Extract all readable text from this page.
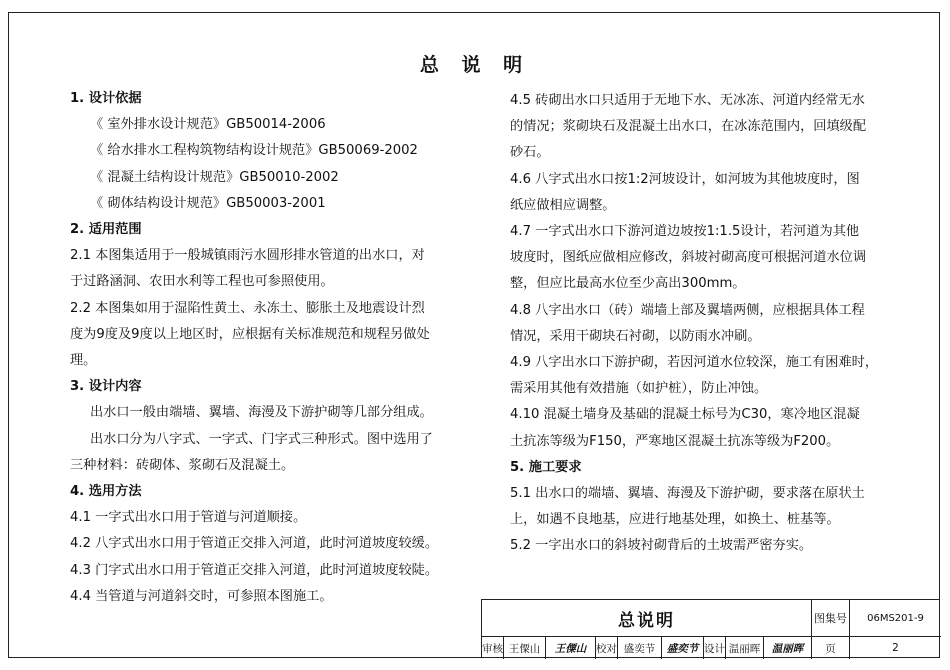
总 说 明

1. 设计依据

《 室外排水设计规范》GB50014-2006

《 给水排水工程构筑物结构设计规范》GB50069-2002

《 混凝土结构设计规范》GB50010-2002

《 砌体结构设计规范》GB50003-2001

2. 适用范围

2.1 本图集适用于一般城镇雨污水圆形排水管道的出水口，对

于过路涵洞、农田水利等工程也可参照使用。

2.2 本图集如用于湿陷性黄土、永冻土、膨胀土及地震设计烈

度为9度及9度以上地区时，应根据有关标准规范和规程另做处

理。

3. 设计内容

出水口一般由端墙、翼墙、海漫及下游护砌等几部分组成。

出水口分为八字式、一字式、门字式三种形式。图中选用了

三种材料：砖砌体、浆砌石及混凝土。

4. 选用方法

4.1 一字式出水口用于管道与河道顺接。

4.2 八字式出水口用于管道正交排入河道，此时河道坡度较缓。

4.3 门字式出水口用于管道正交排入河道，此时河道坡度较陡。

4.4 当管道与河道斜交时，可参照本图施工。

4.5 砖砌出水口只适用于无地下水、无冰冻、河道内经常无水

的情况；浆砌块石及混凝土出水口，在冰冻范围内，回填级配

砂石。

4.6 八字式出水口按1:2河坡设计，如河坡为其他坡度时，图

纸应做相应调整。

4.7 一字式出水口下游河道边坡按1:1.5设计，若河道为其他

坡度时，图纸应做相应修改，斜坡衬砌高度可根据河道水位调

整，但应比最高水位至少高出300mm。

4.8 八字出水口（砖）端墙上部及翼墙两侧，应根据具体工程

情况，采用干砌块石衬砌，以防雨水冲刷。

4.9 八字出水口下游护砌，若因河道水位较深，施工有困难时，

需采用其他有效措施（如护桩），防止冲蚀。

4.10 混凝土墙身及基础的混凝土标号为C30，寒冷地区混凝

土抗冻等级为F150，严寒地区混凝土抗冻等级为F200。

5. 施工要求

5.1 出水口的端墙、翼墙、海漫及下游护砌，要求落在原状土

上，如遇不良地基，应进行地基处理，如换土、桩基等。

5.2 一字出水口的斜坡衬砌背后的土坡需严密夯实。

总说明	图集号	06MS201-9
审核 王僳山	王僳山 校对 盛奕节	盛奕节 设计 温丽晖	温丽晖	页	2
